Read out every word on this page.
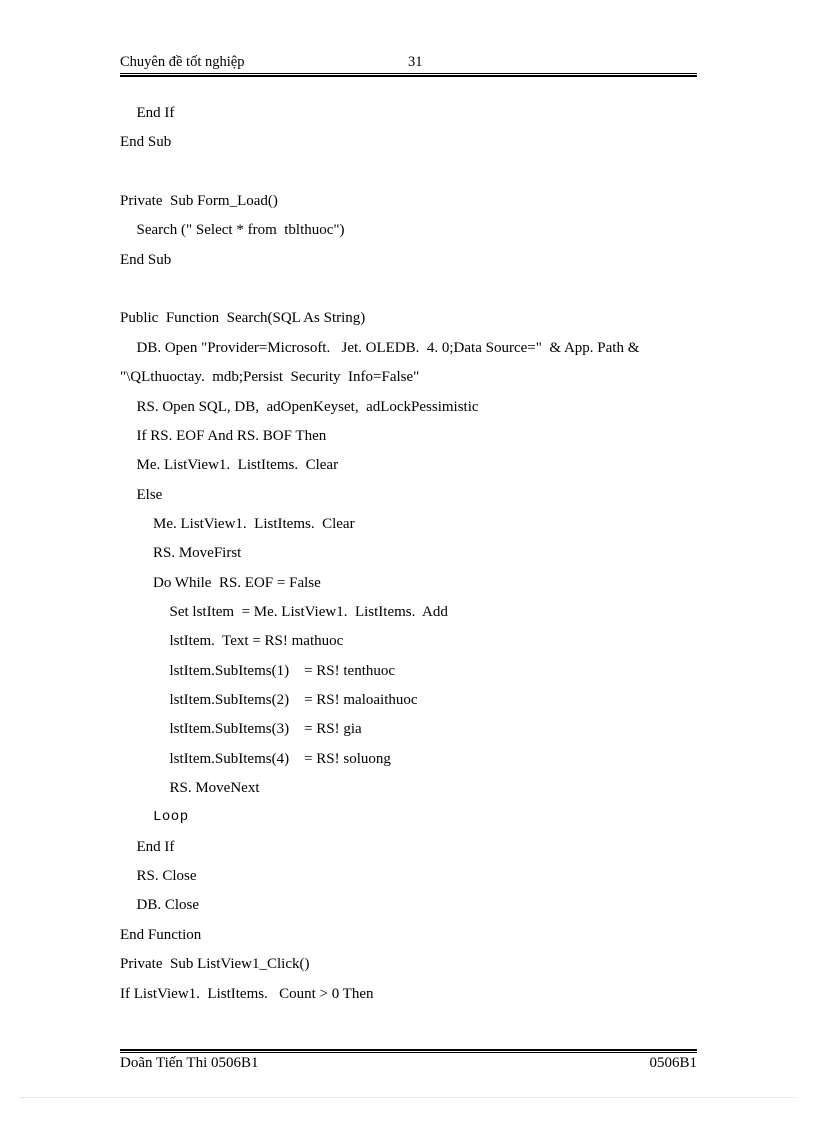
Chuyên đề tốt nghiệp	31
End If
End Sub
Private  Sub Form_Load()
Search (" Select * from  tblthuoc")
End Sub
Public  Function  Search(SQL As String)
DB. Open "Provider=Microsoft.   Jet. OLEDB.  4. 0;Data Source="  & App. Path &
"\QLthuoctay.  mdb;Persist  Security  Info=False"
RS. Open SQL, DB,  adOpenKeyset,  adLockPessimistic
If RS. EOF And RS. BOF Then
Me. ListView1.  ListItems.  Clear
Else
Me. ListView1.  ListItems.  Clear
RS. MoveFirst
Do While  RS. EOF = False
Set lstItem  = Me. ListView1.  ListItems.  Add
lstItem.  Text = RS! mathuoc
lstItem.SubItems(1)    = RS! tenthuoc
lstItem.SubItems(2)    = RS! maloaithuoc
lstItem.SubItems(3)    = RS! gia
lstItem.SubItems(4)    = RS! soluong
RS. MoveNext
Loop
End If
RS. Close
DB. Close
End Function
Private  Sub ListView1_Click()
If ListView1.  ListItems.   Count > 0 Then
Doãn Tiến Thi 0506B1	0506B1
